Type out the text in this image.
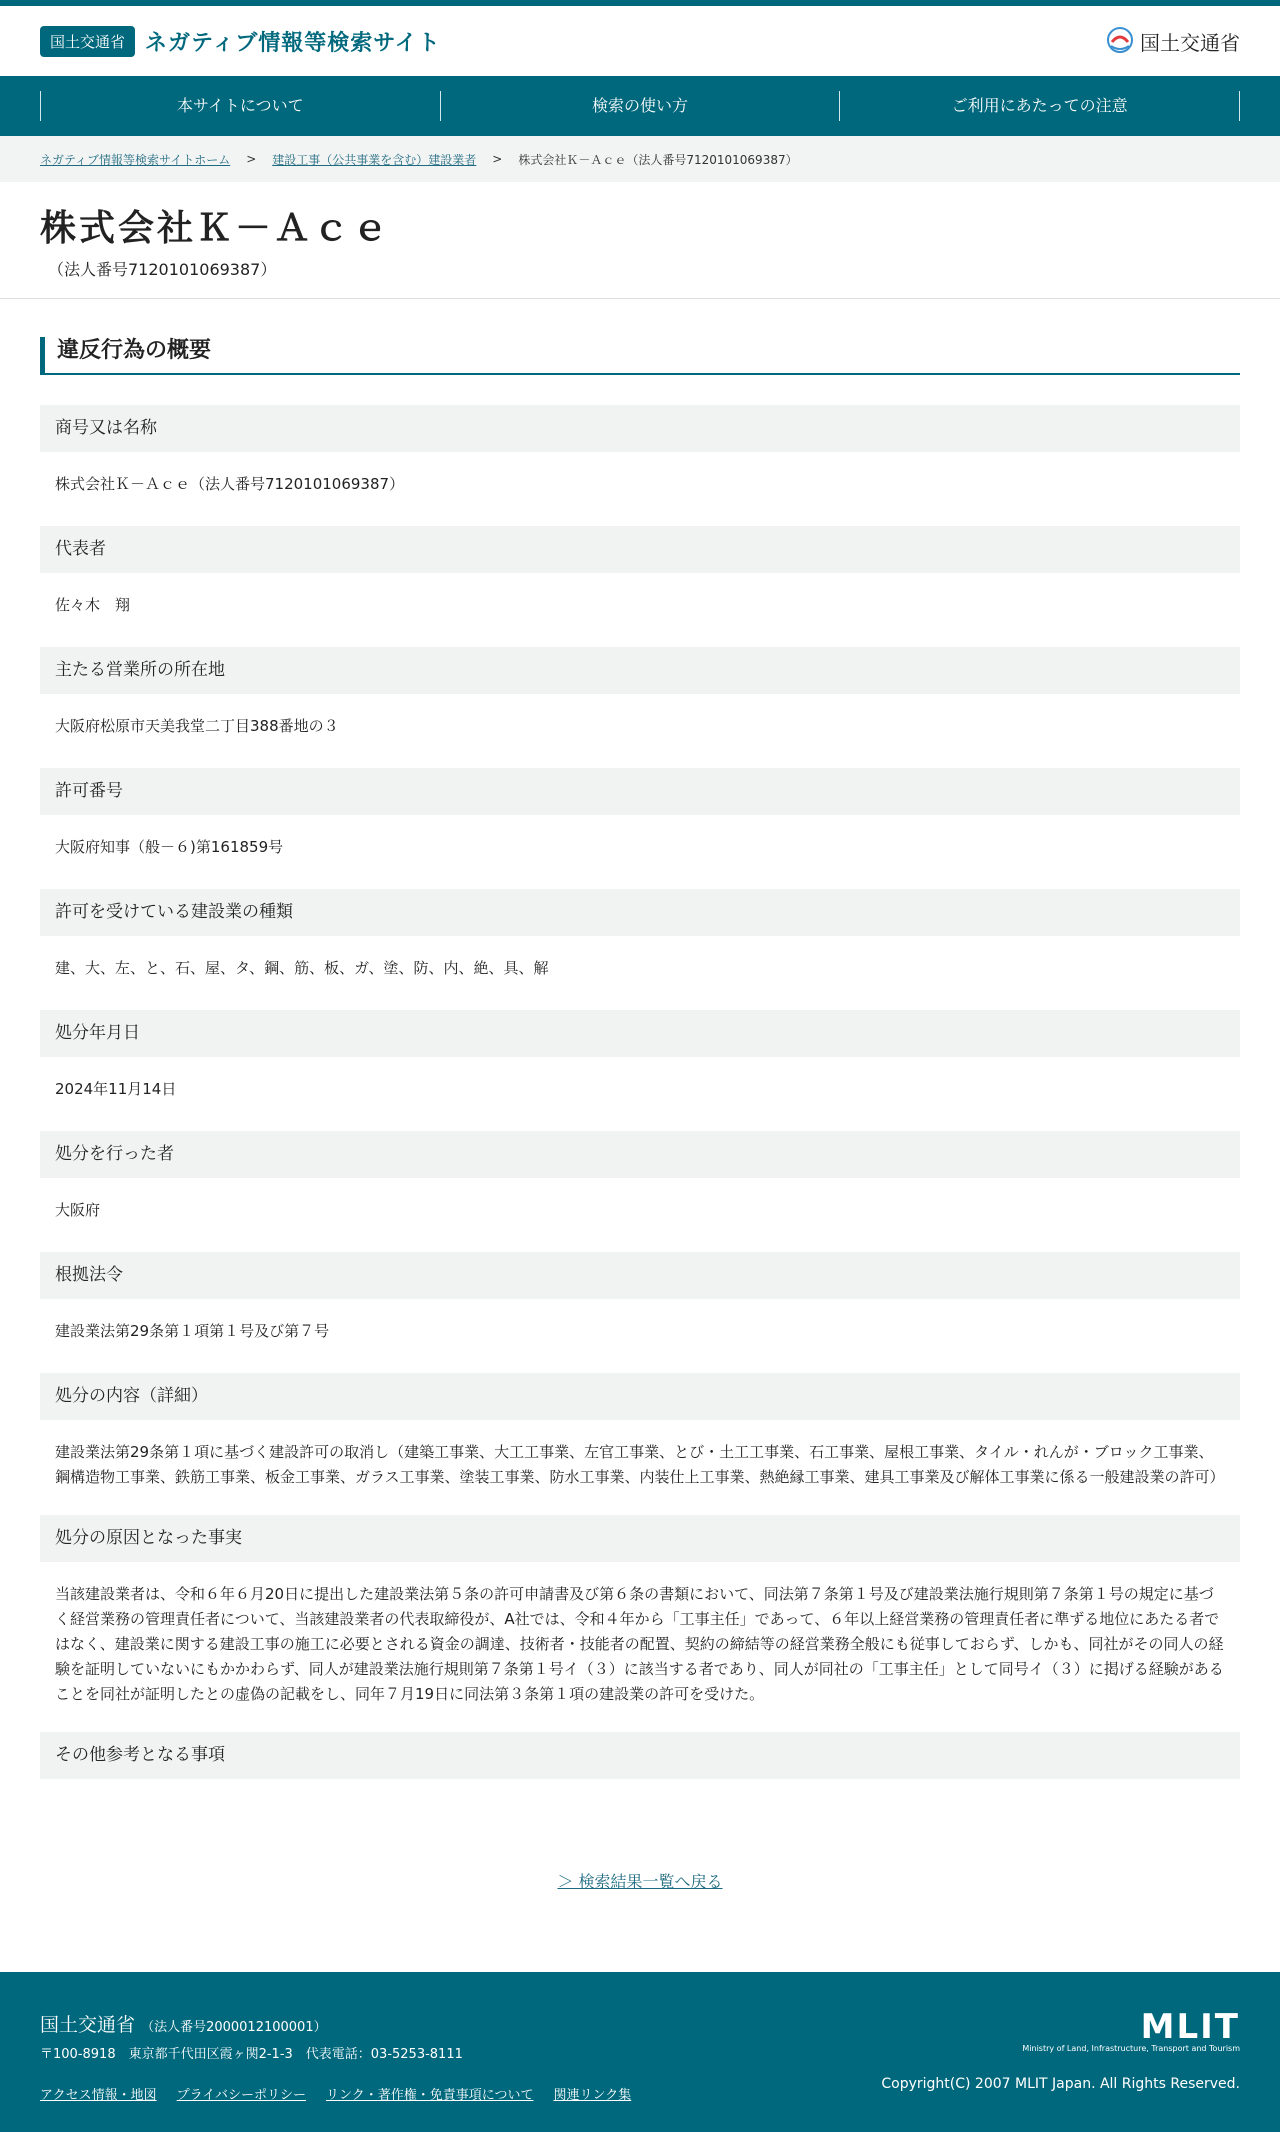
国土交通省 ネガティブ情報等検索サイト	国土交通省
本サイトについて	検索の使い方	ご利用にあたっての注意
ネガティブ情報等検索サイトホーム > 建設工事（公共事業を含む）建設業者 > 株式会社Ｋ－Ａｃｅ（法人番号7120101069387）
株式会社Ｋ－Ａｃｅ
（法人番号7120101069387）
違反行為の概要
商号又は名称
株式会社Ｋ－Ａｃｅ（法人番号7120101069387）
代表者
佐々木　翔
主たる営業所の所在地
大阪府松原市天美我堂二丁目388番地の３
許可番号
大阪府知事（般－６)第161859号
許可を受けている建設業の種類
建、大、左、と、石、屋、タ、鋼、筋、板、ガ、塗、防、内、絶、具、解
処分年月日
2024年11月14日
処分を行った者
大阪府
根拠法令
建設業法第29条第１項第１号及び第７号
処分の内容（詳細）
建設業法第29条第１項に基づく建設許可の取消し（建築工事業、大工工事業、左官工事業、とび・土工工事業、石工事業、屋根工事業、タイル・れんが・ブロック工事業、鋼構造物工事業、鉄筋工事業、板金工事業、ガラス工事業、塗装工事業、防水工事業、内装仕上工事業、熱絶縁工事業、建具工事業及び解体工事業に係る一般建設業の許可）
処分の原因となった事実
当該建設業者は、令和６年６月20日に提出した建設業法第５条の許可申請書及び第６条の書類において、同法第７条第１号及び建設業法施行規則第７条第１号の規定に基づく経営業務の管理責任者について、当該建設業者の代表取締役が、A社では、令和４年から「工事主任」であって、６年以上経営業務の管理責任者に準ずる地位にあたる者ではなく、建設業に関する建設工事の施工に必要とされる資金の調達、技術者・技能者の配置、契約の締結等の経営業務全般にも従事しておらず、しかも、同社がその同人の経験を証明していないにもかかわらず、同人が建設業法施行規則第７条第１号イ（３）に該当する者であり、同人が同社の「工事主任」として同号イ（３）に掲げる経験があることを同社が証明したとの虚偽の記載をし、同年７月19日に同法第３条第１項の建設業の許可を受けた。
その他参考となる事項
＞ 検索結果一覧へ戻る
国土交通省 （法人番号2000012100001）
〒100-8918　東京都千代田区霞ヶ関2-1-3　代表電話：03-5253-8111
アクセス情報・地図 プライバシーポリシー リンク・著作権・免責事項について 関連リンク集
MLIT
Ministry of Land, Infrastructure, Transport and Tourism
Copyright(C) 2007 MLIT Japan. All Rights Reserved.
